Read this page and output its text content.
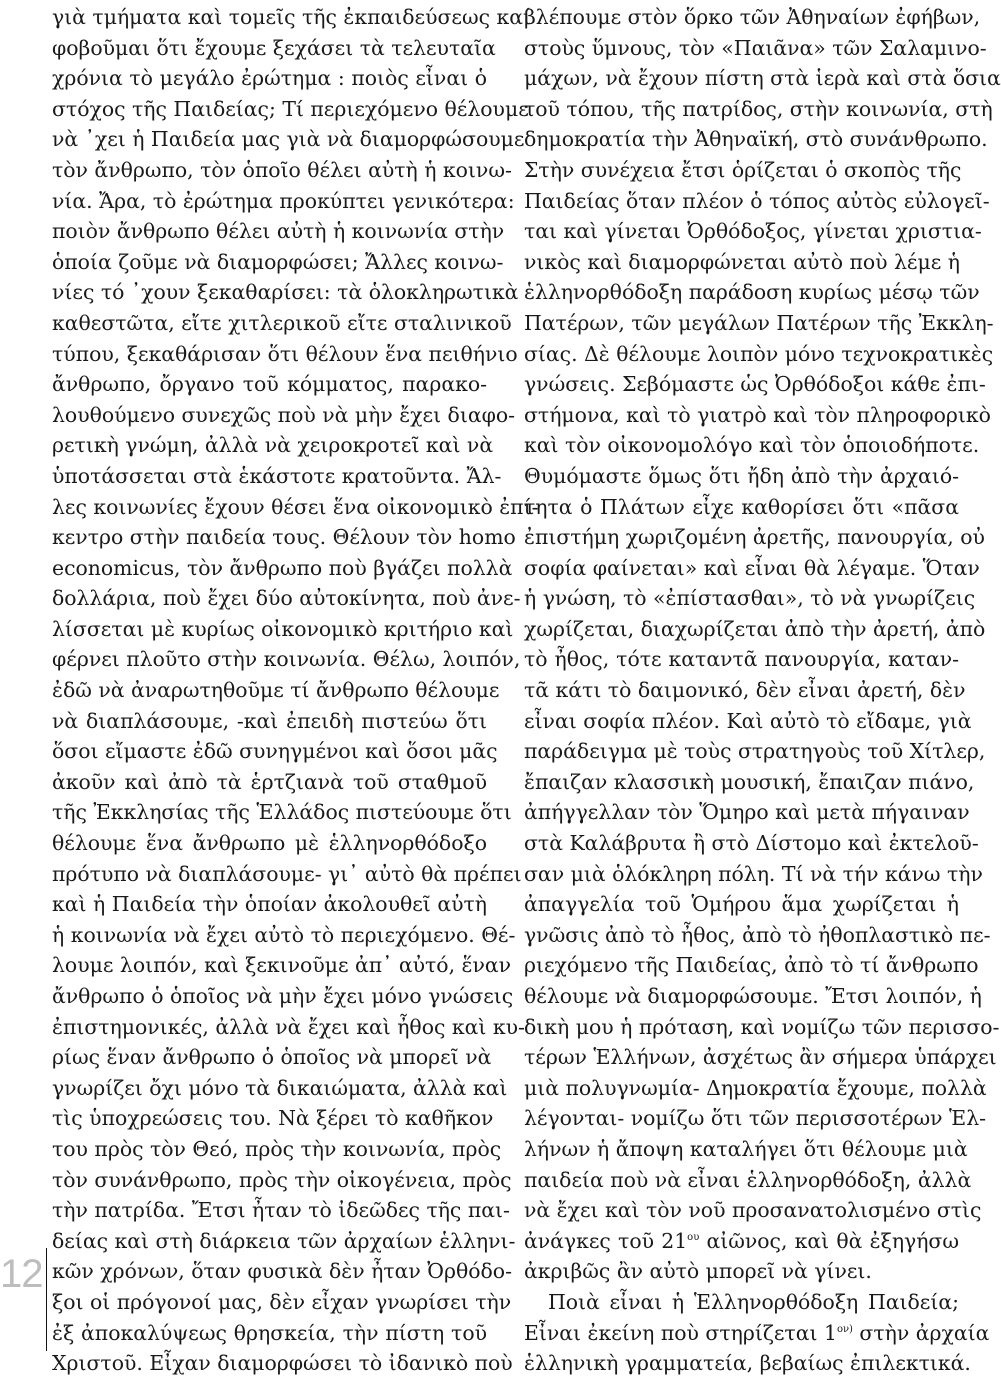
γιὰ τμήματα καὶ τομεῖς τῆς ἐκπαιδεύσεως καί
φοβοῦμαι ὅτι ἔχουμε ξεχάσει τὰ τελευταῖα
χρόνια τὸ μεγάλο ἐρώτημα : ποιὸς εἶναι ὁ
στόχος τῆς Παιδείας; Τί περιεχόμενο θέλουμε
νὰ ᾿χει ἡ Παιδεία μας γιὰ νὰ διαμορφώσουμε
τὸν ἄνθρωπο, τὸν ὁποῖο θέλει αὐτὴ ἡ κοινω-
νία. Ἄρα, τὸ ἐρώτημα προκύπτει γενικότερα:
ποιὸν ἄνθρωπο θέλει αὐτὴ ἡ κοινωνία στὴν
ὁποία ζοῦμε νὰ διαμορφώσει; Ἄλλες κοινω-
νίες τό ᾿χουν ξεκαθαρίσει: τὰ ὁλοκληρωτικὰ
καθεστῶτα, εἴτε χιτλερικοῦ εἴτε σταλινικοῦ
τύπου, ξεκαθάρισαν ὅτι θέλουν ἕνα πειθήνιο
ἄνθρωπο, ὄργανο τοῦ κόμματος, παρακο-
λουθούμενο συνεχῶς ποὺ νὰ μὴν ἔχει διαφο-
ρετικὴ γνώμη, ἀλλὰ νὰ χειροκροτεῖ καὶ νὰ
ὑποτάσσεται στὰ ἑκάστοτε κρατοῦντα. Ἄλ-
λες κοινωνίες ἔχουν θέσει ἕνα οἰκονομικὸ ἐπί-
κεντρο στὴν παιδεία τους. Θέλουν τὸν homo
economicus, τὸν ἄνθρωπο ποὺ βγάζει πολλὰ
δολλάρια, ποὺ ἔχει δύο αὐτοκίνητα, ποὺ ἀνε-
λίσσεται μὲ κυρίως οἰκονομικὸ κριτήριο καὶ
φέρνει πλοῦτο στὴν κοινωνία. Θέλω, λοιπόν,
ἐδῶ νὰ ἀναρωτηθοῦμε τί ἄνθρωπο θέλουμε
νὰ διαπλάσουμε, -καὶ ἐπειδὴ πιστεύω ὅτι
ὅσοι εἴμαστε ἐδῶ συνηγμένοι καὶ ὅσοι μᾶς
ἀκοῦν καὶ ἀπὸ τὰ ἑρτζιανὰ τοῦ σταθμοῦ
τῆς Ἐκκλησίας τῆς Ἑλλάδος πιστεύουμε ὅτι
θέλουμε ἕνα ἄνθρωπο μὲ ἑλληνορθόδοξο
πρότυπο νὰ διαπλάσουμε- γι᾿ αὐτὸ θὰ πρέπει
καὶ ἡ Παιδεία τὴν ὁποίαν ἀκολουθεῖ αὐτὴ
ἡ κοινωνία νὰ ἔχει αὐτὸ τὸ περιεχόμενο. Θέ-
λουμε λοιπόν, καὶ ξεκινοῦμε ἀπ᾿ αὐτό, ἕναν
ἄνθρωπο ὁ ὁποῖος νὰ μὴν ἔχει μόνο γνώσεις
ἐπιστημονικές, ἀλλὰ νὰ ἔχει καὶ ἦθος καὶ κυ-
ρίως ἕναν ἄνθρωπο ὁ ὁποῖος νὰ μπορεῖ νὰ
γνωρίζει ὄχι μόνο τὰ δικαιώματα, ἀλλὰ καὶ
τὶς ὑποχρεώσεις του. Νὰ ξέρει τὸ καθῆκον
του πρὸς τὸν Θεό, πρὸς τὴν κοινωνία, πρὸς
τὸν συνάνθρωπο, πρὸς τὴν οἰκογένεια, πρὸς
τὴν πατρίδα. Ἔτσι ἦταν τὸ ἰδεῶδες τῆς παι-
δείας καὶ στὴ διάρκεια τῶν ἀρχαίων ἑλληνι-
κῶν χρόνων, ὅταν φυσικὰ δὲν ἦταν Ὀρθόδο-
ξοι οἱ πρόγονοί μας, δὲν εἶχαν γνωρίσει τὴν
ἐξ ἀποκαλύψεως θρησκεία, τὴν πίστη τοῦ
Χριστοῦ. Εἶχαν διαμορφώσει τὸ ἰδανικὸ ποὺ
βλέπουμε στὸν ὅρκο τῶν Ἀθηναίων ἐφήβων,
στοὺς ὕμνους, τὸν «Παιᾶνα» τῶν Σαλαμινο-
μάχων, νὰ ἔχουν πίστη στὰ ἱερὰ καὶ στὰ ὅσια
τοῦ τόπου, τῆς πατρίδος, στὴν κοινωνία, στὴ
δημοκρατία τὴν Ἀθηναϊκή, στὸ συνάνθρωπο.
Στὴν συνέχεια ἔτσι ὁρίζεται ὁ σκοπὸς τῆς
Παιδείας ὅταν πλέον ὁ τόπος αὐτὸς εὐλογεῖ-
ται καὶ γίνεται Ὀρθόδοξος, γίνεται χριστια-
νικὸς καὶ διαμορφώνεται αὐτὸ ποὺ λέμε ἡ
ἑλληνορθόδοξη παράδοση κυρίως μέσῳ τῶν
Πατέρων, τῶν μεγάλων Πατέρων τῆς Ἐκκλη-
σίας. Δὲ θέλουμε λοιπὸν μόνο τεχνοκρατικὲς
γνώσεις. Σεβόμαστε ὡς Ὀρθόδοξοι κάθε ἐπι-
στήμονα, καὶ τὸ γιατρὸ καὶ τὸν πληροφορικὸ
καὶ τὸν οἰκονομολόγο καὶ τὸν ὁποιοδήποτε.
Θυμόμαστε ὅμως ὅτι ἤδη ἀπὸ τὴν ἀρχαιό-
τητα ὁ Πλάτων εἶχε καθορίσει ὅτι «πᾶσα
ἐπιστήμη χωριζομένη ἀρετῆς, πανουργία, οὐ
σοφία φαίνεται» καὶ εἶναι θὰ λέγαμε. Ὅταν
ἡ γνώση, τὸ «ἐπίστασθαι», τὸ νὰ γνωρίζεις
χωρίζεται, διαχωρίζεται ἀπὸ τὴν ἀρετή, ἀπὸ
τὸ ἦθος, τότε καταντᾶ πανουργία, καταν-
τᾶ κάτι τὸ δαιμονικό, δὲν εἶναι ἀρετή, δὲν
εἶναι σοφία πλέον. Καὶ αὐτὸ τὸ εἴδαμε, γιὰ
παράδειγμα μὲ τοὺς στρατηγοὺς τοῦ Χίτλερ,
ἔπαιζαν κλασσικὴ μουσική, ἔπαιζαν πιάνο,
ἀπήγγελλαν τὸν Ὅμηρο καὶ μετὰ πήγαιναν
στὰ Καλάβρυτα ἢ στὸ Δίστομο καὶ ἐκτελοῦ-
σαν μιὰ ὁλόκληρη πόλη. Τί νὰ τήν κάνω τὴν
ἀπαγγελία τοῦ Ὁμήρου ἅμα χωρίζεται ἡ
γνῶσις ἀπὸ τὸ ἦθος, ἀπὸ τὸ ἠθοπλαστικὸ πε-
ριεχόμενο τῆς Παιδείας, ἀπὸ τὸ τί ἄνθρωπο
θέλουμε νὰ διαμορφώσουμε. Ἔτσι λοιπόν, ἡ
δικὴ μου ἡ πρόταση, καὶ νομίζω τῶν περισσο-
τέρων Ἑλλήνων, ἀσχέτως ἂν σήμερα ὑπάρχει
μιὰ πολυγνωμία- Δημοκρατία ἔχουμε, πολλὰ
λέγονται- νομίζω ὅτι τῶν περισσοτέρων Ἑλ-
λήνων ἡ ἄποψη καταλήγει ὅτι θέλουμε μιὰ
παιδεία ποὺ νὰ εἶναι ἑλληνορθόδοξη, ἀλλὰ
νὰ ἔχει καὶ τὸν νοῦ προσανατολισμένο στὶς
ἀνάγκες τοῦ $21^{o\upsilon}$ αἰῶνος, καὶ θὰ ἐξηγήσω
ἀκριβῶς ἂν αὐτὸ μπορεῖ νὰ γίνει.
Ποιὰ εἶναι ἡ Ἑλληνορθόδοξη Παιδεία;
Εἶναι ἐκείνη ποὺ στηρίζεται $1^{o\nu)}$ στὴν ἀρχαία
ἑλληνικὴ γραμματεία, βεβαίως ἐπιλεκτικά.
12
